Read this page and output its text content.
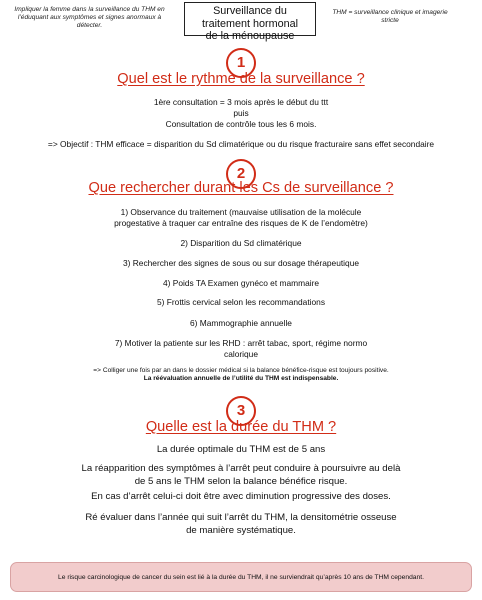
Impliquer la femme dans la surveillance du THM en l’éduquant aux symptômes et signes anormaux à détecter.
Surveillance du
traitement hormonal
de la ménoupause
THM = surveillance clinique et imagerie stricte
1
Quel est le rythme de la surveillance ?
1ère consultation = 3 mois après le début du ttt
puis
Consultation de contrôle tous les 6 mois.
=> Objectif : THM efficace = disparition du Sd climatérique ou du risque fracturaire sans effet secondaire
2
Que rechercher durant les Cs de surveillance ?
1) Observance du traitement (mauvaise utilisation de la molécule
progestative à traquer car entraîne des risques de K de l’endomètre)
2) Disparition du Sd climatérique
3) Rechercher des signes de sous ou sur dosage thérapeutique
4) Poids TA Examen gynéco et mammaire
5) Frottis cervical selon les recommandations
6) Mammographie annuelle
7) Motiver la patiente sur les RHD : arrêt tabac, sport, régime normo
calorique
=> Colliger une fois par an dans le dossier médical si la balance bénéfice-risque est toujours positive.
La réévaluation annuelle de l’utilité du THM est indispensable.
3
Quelle est la durée du THM ?
La durée optimale du THM est de 5 ans
La réapparition des symptômes à l’arrêt peut conduire à poursuivre au delà
de 5 ans le THM selon la balance bénéfice risque.
En cas d’arrêt celui-ci doit être avec diminution progressive des doses.
Ré évaluer dans l’année qui suit l’arrêt du THM, la densitométrie osseuse
de manière systématique.
Le risque carcinologique de cancer du sein est lié à la durée du THM, il ne surviendrait qu’après 10 ans de THM cependant.
